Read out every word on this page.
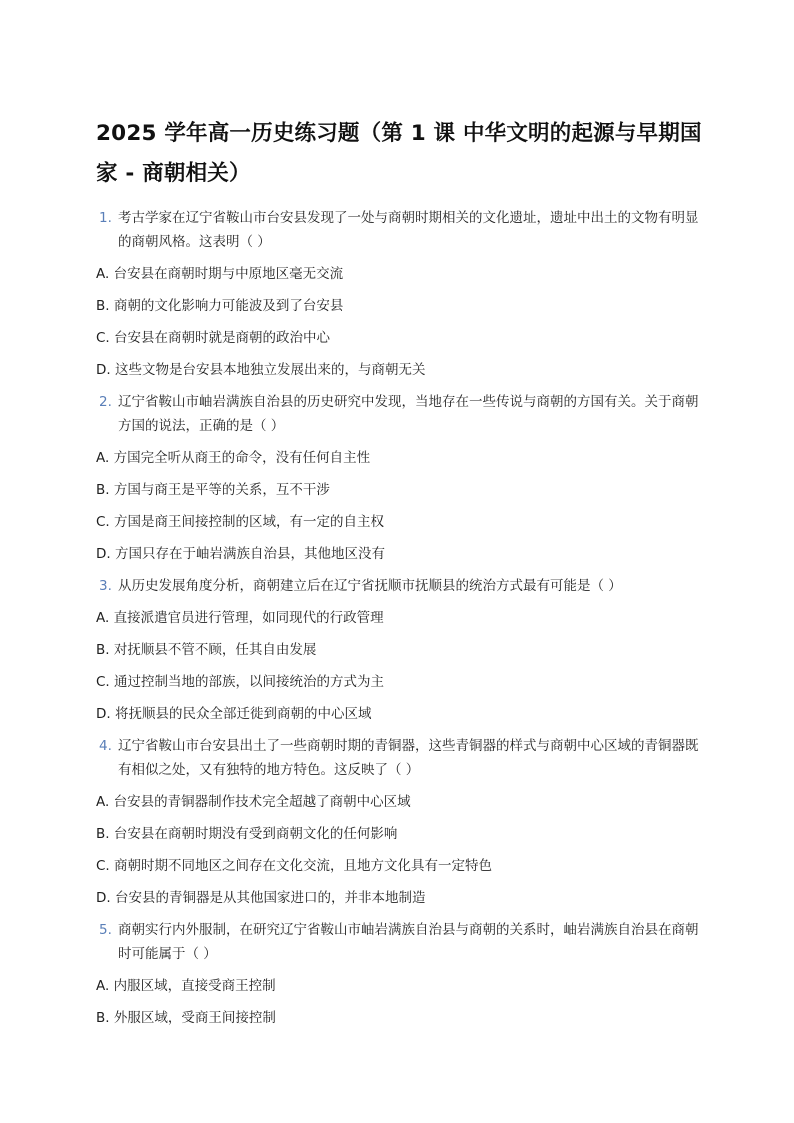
2025 学年高一历史练习题（第 1 课 中华文明的起源与早期国家 - 商朝相关）
1. 考古学家在辽宁省鞍山市台安县发现了一处与商朝时期相关的文化遗址，遗址中出土的文物有明显的商朝风格。这表明（ ）
A. 台安县在商朝时期与中原地区毫无交流
B. 商朝的文化影响力可能波及到了台安县
C. 台安县在商朝时就是商朝的政治中心
D. 这些文物是台安县本地独立发展出来的，与商朝无关
2. 辽宁省鞍山市岫岩满族自治县的历史研究中发现，当地存在一些传说与商朝的方国有关。关于商朝方国的说法，正确的是（ ）
A. 方国完全听从商王的命令，没有任何自主性
B. 方国与商王是平等的关系，互不干涉
C. 方国是商王间接控制的区域，有一定的自主权
D. 方国只存在于岫岩满族自治县，其他地区没有
3. 从历史发展角度分析，商朝建立后在辽宁省抚顺市抚顺县的统治方式最有可能是（ ）
A. 直接派遣官员进行管理，如同现代的行政管理
B. 对抚顺县不管不顾，任其自由发展
C. 通过控制当地的部族，以间接统治的方式为主
D. 将抚顺县的民众全部迁徙到商朝的中心区域
4. 辽宁省鞍山市台安县出土了一些商朝时期的青铜器，这些青铜器的样式与商朝中心区域的青铜器既有相似之处，又有独特的地方特色。这反映了（ ）
A. 台安县的青铜器制作技术完全超越了商朝中心区域
B. 台安县在商朝时期没有受到商朝文化的任何影响
C. 商朝时期不同地区之间存在文化交流，且地方文化具有一定特色
D. 台安县的青铜器是从其他国家进口的，并非本地制造
5. 商朝实行内外服制，在研究辽宁省鞍山市岫岩满族自治县与商朝的关系时，岫岩满族自治县在商朝时可能属于（ ）
A. 内服区域，直接受商王控制
B. 外服区域，受商王间接控制
